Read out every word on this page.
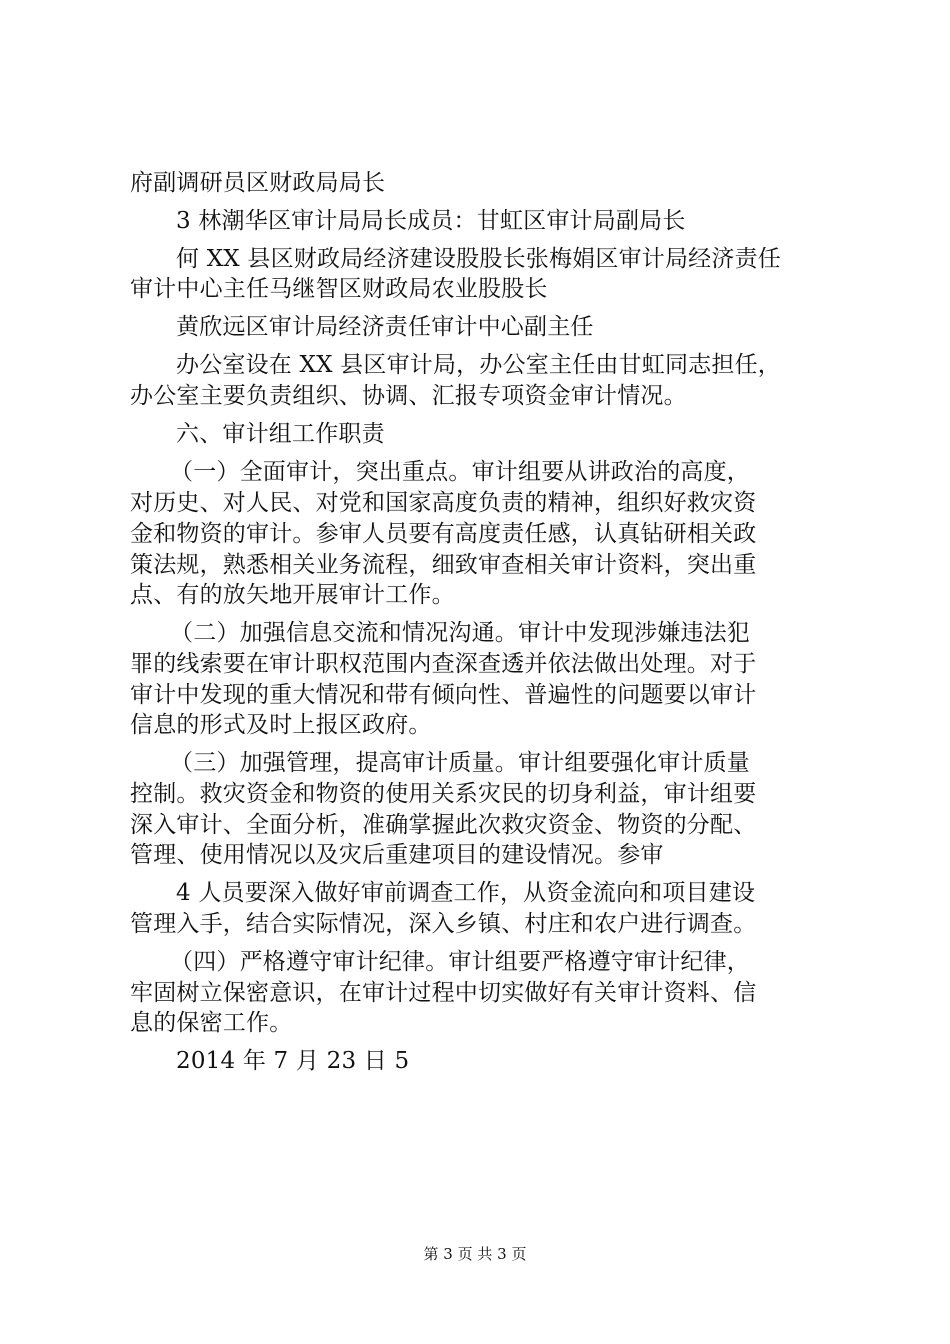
府副调研员区财政局局长
3 林潮华区审计局局长成员：甘虹区审计局副局长
何 XX 县区财政局经济建设股股长张梅娟区审计局经济责任
审计中心主任马继智区财政局农业股股长
黄欣远区审计局经济责任审计中心副主任
办公室设在 XX 县区审计局，办公室主任由甘虹同志担任，
办公室主要负责组织、协调、汇报专项资金审计情况。
六、审计组工作职责
（一）全面审计，突出重点。审计组要从讲政治的高度，
对历史、对人民、对党和国家高度负责的精神，组织好救灾资
金和物资的审计。参审人员要有高度责任感，认真钻研相关政
策法规，熟悉相关业务流程，细致审查相关审计资料，突出重
点、有的放矢地开展审计工作。
（二）加强信息交流和情况沟通。审计中发现涉嫌违法犯
罪的线索要在审计职权范围内查深查透并依法做出处理。对于
审计中发现的重大情况和带有倾向性、普遍性的问题要以审计
信息的形式及时上报区政府。
（三）加强管理，提高审计质量。审计组要强化审计质量
控制。救灾资金和物资的使用关系灾民的切身利益，审计组要
深入审计、全面分析，准确掌握此次救灾资金、物资的分配、
管理、使用情况以及灾后重建项目的建设情况。参审
4 人员要深入做好审前调查工作，从资金流向和项目建设
管理入手，结合实际情况，深入乡镇、村庄和农户进行调查。
（四）严格遵守审计纪律。审计组要严格遵守审计纪律，
牢固树立保密意识，在审计过程中切实做好有关审计资料、信
息的保密工作。
2014 年 7 月 23 日 5
第 3 页 共 3 页
